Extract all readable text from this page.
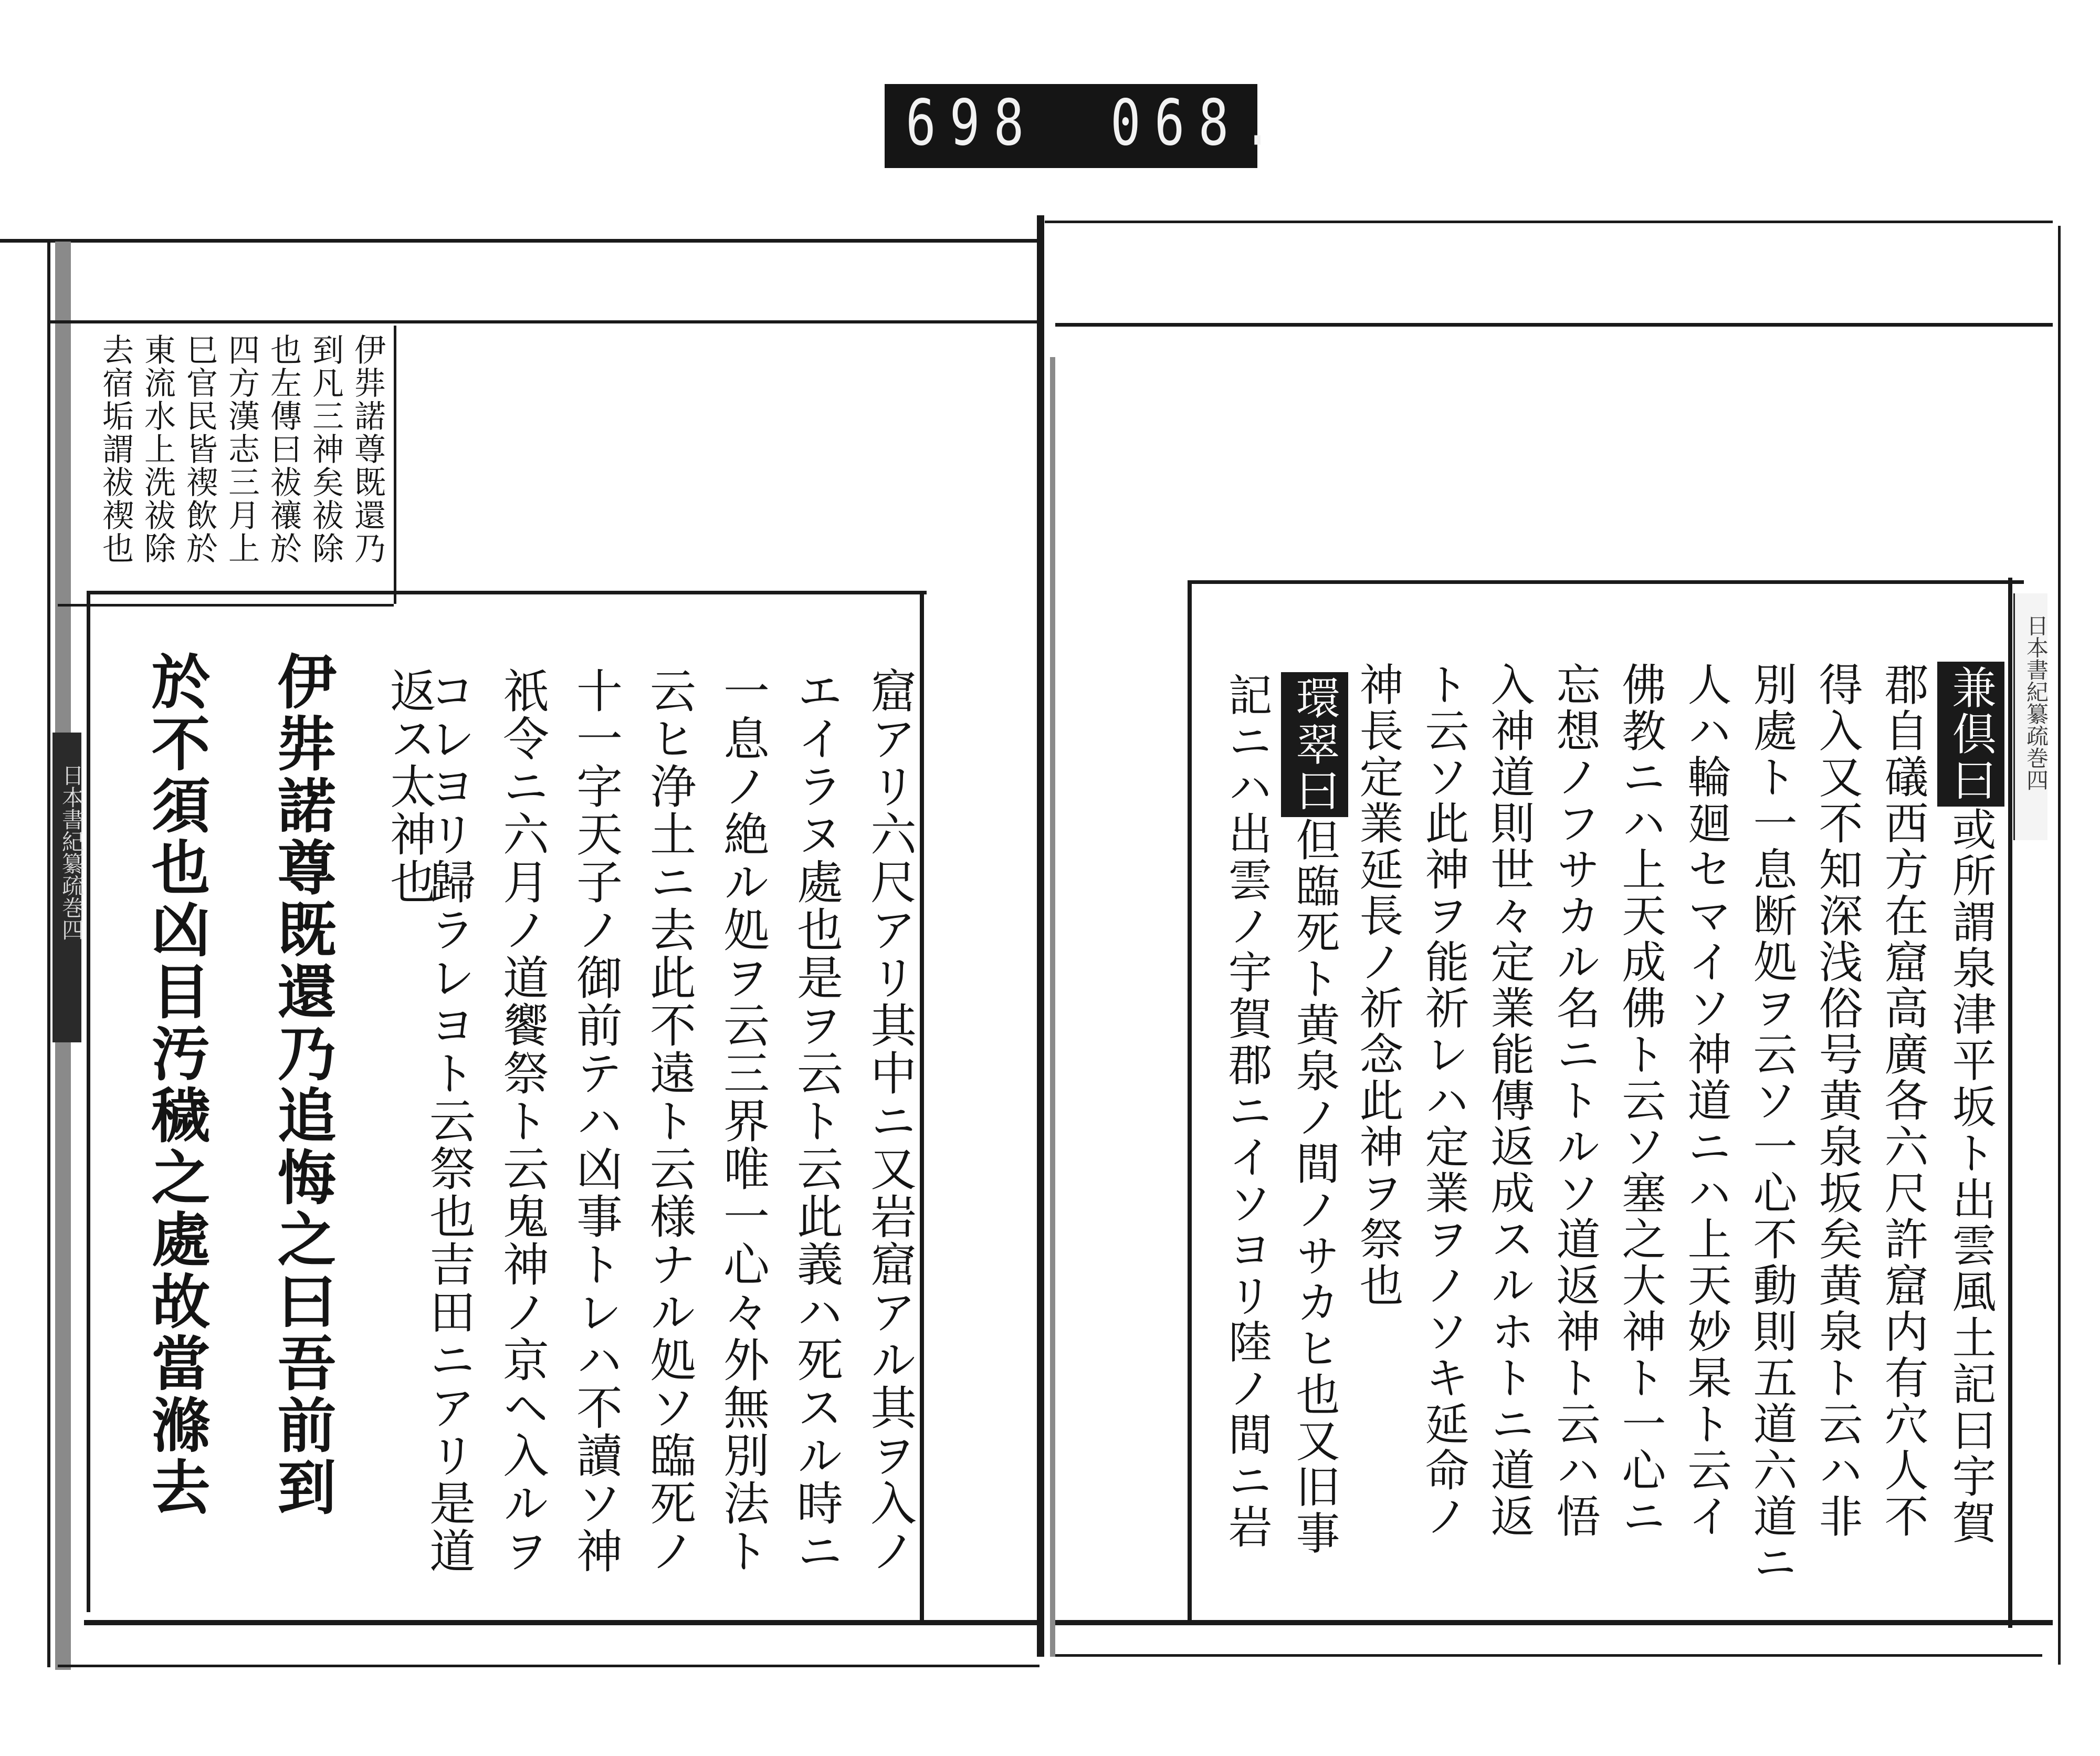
698 068.
伊弉諾尊既還乃
到凡三神矣祓除
也左傳曰祓禳於
四方漢志三月上
巳官民皆禊飲於
東流水上洗祓除
去宿垢謂祓禊也
窟アリ六尺アリ其中ニ又岩窟アル其ヲ入ノ
エイラヌ處也是ヲ云ト云此義ハ死スル時ニ
一息ノ絶ル処ヲ云三界唯一心々外無別法ト
云ヒ浄土ニ去此不遠ト云様ナル処ソ臨死ノ
十一字天子ノ御前テハ凶事トレハ不讀ソ神
祇令ニ六月ノ道饗祭ト云鬼神ノ京ヘ入ルヲ
コレヨリ歸ラレヨト云祭也吉田ニアリ是道
返ス太神也
伊弉諾尊既還乃追悔之曰吾前到
於不須也凶目汚穢之處故當滌去
日本書紀纂疏巻四
兼倶曰或所謂泉津平坂ト出雲風土記曰宇賀
郡自礒西方在窟高廣各六尺許窟内有穴人不
得入又不知深浅俗号黄泉坂矣黄泉ト云ハ非
別處ト一息断処ヲ云ソ一心不動則五道六道ニ
人ハ輪廻セマイソ神道ニハ上天妙杲ト云イ
佛教ニハ上天成佛ト云ソ塞之大神ト一心ニ
忘想ノフサカル名ニトルソ道返神ト云ハ悟
入神道則世々定業能傳返成スルホトニ道返
ト云ソ此神ヲ能祈レハ定業ヲノソキ延命ノ
神長定業延長ノ祈念此神ヲ祭也
環翠曰但臨死ト黄泉ノ間ノサカヒ也又旧事
記ニハ出雲ノ宇賀郡ニイソヨリ陸ノ間ニ岩	日本書紀纂疏巻四
